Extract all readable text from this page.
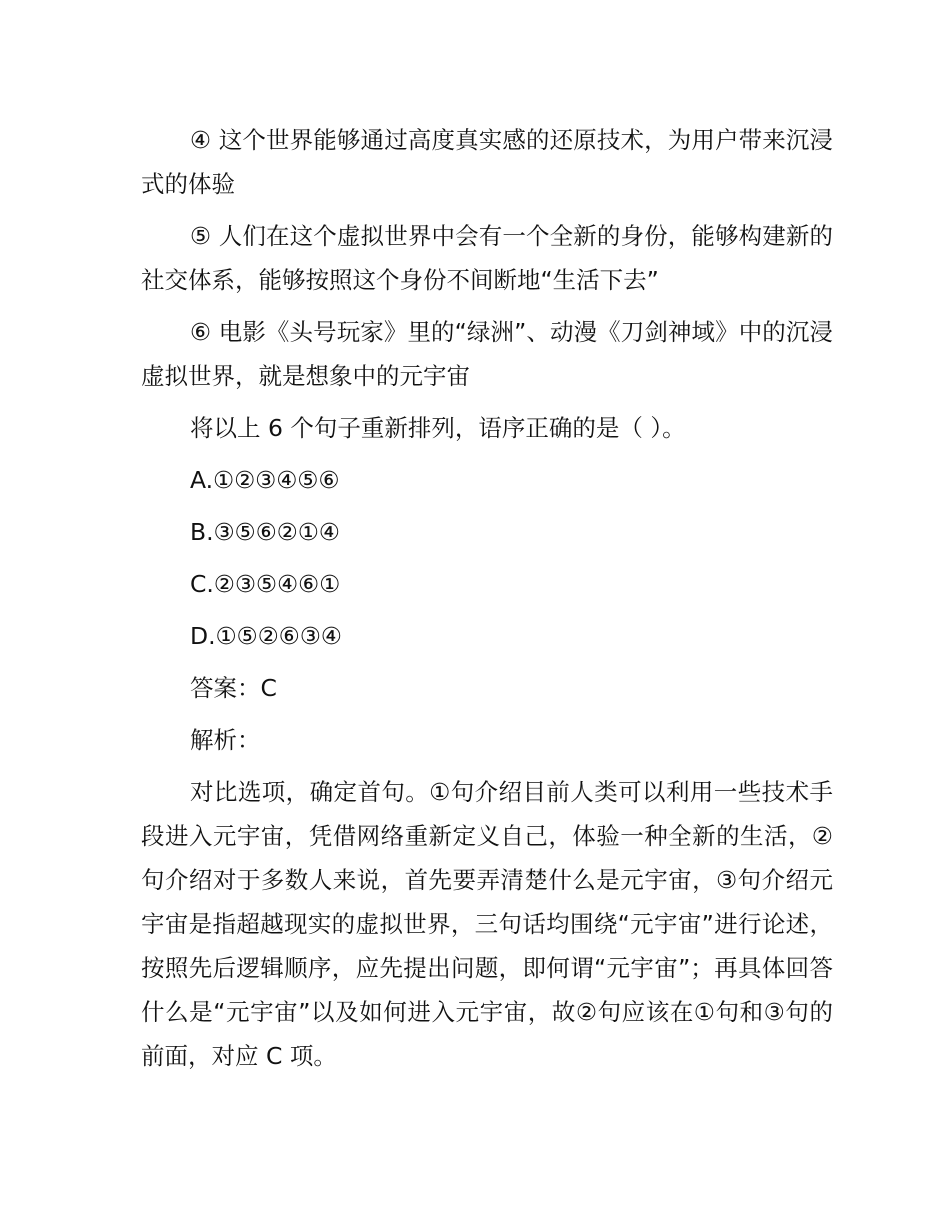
④ 这个世界能够通过高度真实感的还原技术，为用户带来沉浸式的体验

⑤ 人们在这个虚拟世界中会有一个全新的身份，能够构建新的社交体系，能够按照这个身份不间断地“生活下去”

⑥ 电影《头号玩家》里的“绿洲”、动漫《刀剑神域》中的沉浸虚拟世界，就是想象中的元宇宙

将以上 6 个句子重新排列，语序正确的是（ ）。

A.①②③④⑤⑥

B.③⑤⑥②①④

C.②③⑤④⑥①

D.①⑤②⑥③④

答案：C

解析：

对比选项，确定首句。①句介绍目前人类可以利用一些技术手段进入元宇宙，凭借网络重新定义自己，体验一种全新的生活，②句介绍对于多数人来说，首先要弄清楚什么是元宇宙，③句介绍元宇宙是指超越现实的虚拟世界，三句话均围绕“元宇宙”进行论述，按照先后逻辑顺序，应先提出问题，即何谓“元宇宙”；再具体回答什么是“元宇宙”以及如何进入元宇宙，故②句应该在①句和③句的前面，对应 C 项。
